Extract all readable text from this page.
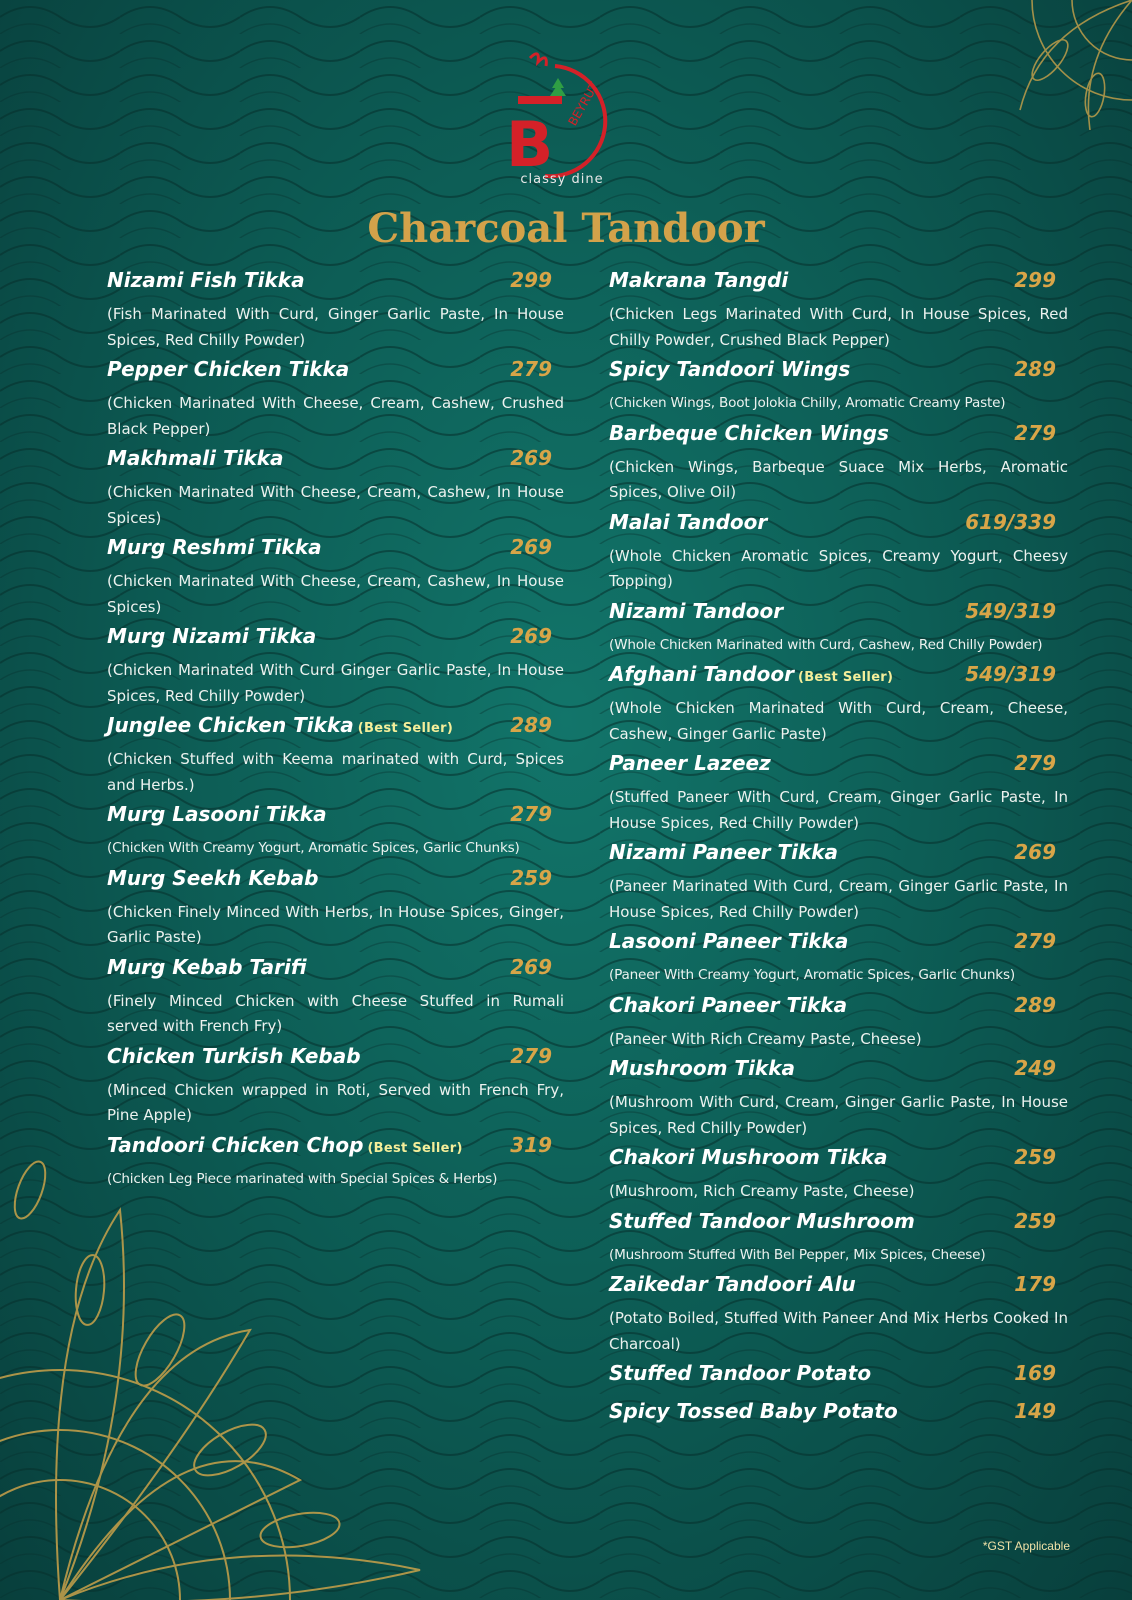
B
BEYRUT
classy dine
Charcoal Tandoor
Nizami Fish Tikka	299
(Fish Marinated With Curd, Ginger Garlic Paste, In House Spices, Red Chilly Powder)
Pepper Chicken Tikka	279
(Chicken Marinated With Cheese, Cream, Cashew, Crushed Black Pepper)
Makhmali Tikka	269
(Chicken Marinated With Cheese, Cream, Cashew, In House Spices)
Murg Reshmi Tikka	269
(Chicken Marinated With Cheese, Cream, Cashew, In House Spices)
Murg Nizami Tikka	269
(Chicken Marinated With Curd Ginger Garlic Paste, In House Spices, Red Chilly Powder)
Junglee Chicken Tikka (Best Seller)	289
(Chicken Stuffed with Keema marinated with Curd, Spices and Herbs.)
Murg Lasooni Tikka	279
(Chicken With Creamy Yogurt, Aromatic Spices, Garlic Chunks)
Murg Seekh Kebab	259
(Chicken Finely Minced With Herbs, In House Spices, Ginger, Garlic Paste)
Murg Kebab Tarifi	269
(Finely Minced Chicken with Cheese Stuffed in Rumali served with French Fry)
Chicken Turkish Kebab	279
(Minced Chicken wrapped in Roti, Served with French Fry, Pine Apple)
Tandoori Chicken Chop (Best Seller) 319
(Chicken Leg Piece marinated with Special Spices & Herbs)
Makrana Tangdi	299
(Chicken Legs Marinated With Curd, In House Spices, Red Chilly Powder, Crushed Black Pepper)
Spicy Tandoori Wings	289
(Chicken Wings, Boot Jolokia Chilly, Aromatic Creamy Paste)
Barbeque Chicken Wings	279
(Chicken Wings, Barbeque Suace Mix Herbs, Aromatic Spices, Olive Oil)
Malai Tandoor	619/339
(Whole Chicken Aromatic Spices, Creamy Yogurt, Cheesy Topping)
Nizami Tandoor	549/319
(Whole Chicken Marinated with Curd, Cashew, Red Chilly Powder)
Afghani Tandoor (Best Seller)	549/319
(Whole Chicken Marinated With Curd, Cream, Cheese, Cashew, Ginger Garlic Paste)
Paneer Lazeez	279
(Stuffed Paneer With Curd, Cream, Ginger Garlic Paste, In House Spices, Red Chilly Powder)
Nizami Paneer Tikka	269
(Paneer Marinated With Curd, Cream, Ginger Garlic Paste, In House Spices, Red Chilly Powder)
Lasooni Paneer Tikka	279
(Paneer With Creamy Yogurt, Aromatic Spices, Garlic Chunks)
Chakori Paneer Tikka	289
(Paneer With Rich Creamy Paste, Cheese)
Mushroom Tikka	249
(Mushroom With Curd, Cream, Ginger Garlic Paste, In House Spices, Red Chilly Powder)
Chakori Mushroom Tikka	259
(Mushroom, Rich Creamy Paste, Cheese)
Stuffed Tandoor Mushroom	259
(Mushroom Stuffed With Bel Pepper, Mix Spices, Cheese)
Zaikedar Tandoori Alu	179
(Potato Boiled, Stuffed With Paneer And Mix Herbs Cooked In Charcoal)
Stuffed Tandoor Potato	169
Spicy Tossed Baby Potato	149
*GST Applicable
